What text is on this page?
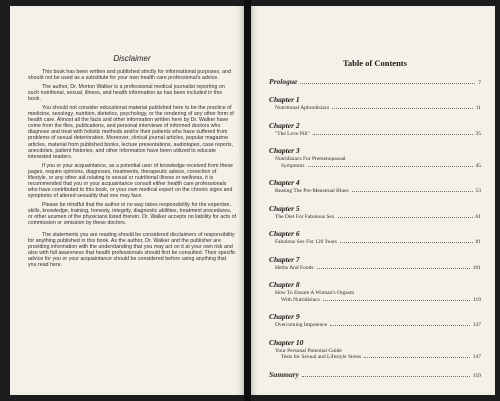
Disclaimer

This book has been written and published strictly for informational purposes, and should not be used as a substitute for your own health care professional's advice.

The author, Dr. Morton Walker is a professional medical journalist reporting on such nutritional, sexual, illness, and health information as has been included in this book.

You should not consider educational material published here to be the practice of medicine, sexology, nutrition, dietetics, psychology, or the rendering of any other form of health care. Almost all the facts and other information written here by Dr. Walker have come from the files, publications, and personal interviews of informed doctors who diagnose and treat with holistic methods and/or their patients who have suffered from problems of sexual deterioration. Moreover, clinical journal articles, popular magazine articles, material from published books, lecture presentations, audiotapes, case reports, anecdotes, patient histories, and other information have been utilized to educate interested readers.

If you or your acquaintance, as a potential user of knowledge received from these pages, require opinions, diagnoses, treatments, therapeutic advice, correction of lifestyle, or any other aid relating to sexual or nutritional illness or wellness, it is recommended that you or your acquaintance consult either health care professionals who have contributed to this book, or your own medical expert on the chronic signs and symptoms of altered sexuality that one may face.

Please be mindful that the author in no way takes responsibility for the expertise, skills, knowledge, training, honesty, integrity, diagnostic abilities, treatment procedures, or other acumen of the physicians listed therein. Dr. Walker accepts no liability for acts of commission or omission by these doctors.

The statements you are reading should be considered disclaimers of responsibility for anything published in this book. As the author, Dr. Walker and the publisher are providing information with the understanding that you may act on it at your own risk and also with full awareness that health professionals should first be consulted. Their specific advice for you or your acquaintance should be considered before using anything that you read here.

Table of Contents
Prologue	7
Chapter 1
Nutritional Aphrodisiacs	11
Chapter 2
"The Love Pill"	35
Chapter 3
Nutridisiacs For Premenopausal
Symptoms	45
Chapter 4
Beating The Pre-Menstrual Blues	53
Chapter 5
The Diet For Fabulous Sex	61
Chapter 6
Fabulous Sex For 120 Years	81
Chapter 7
Herbs And Foods	101
Chapter 8
How To Ensure A Woman's Orgasm
With Nutridisiacs	119
Chapter 9
Overcoming Impotence	137
Chapter 10
Your Personal Potential Guide
Tests for Sexual and Lifestyle Stress	147
Summary	159
